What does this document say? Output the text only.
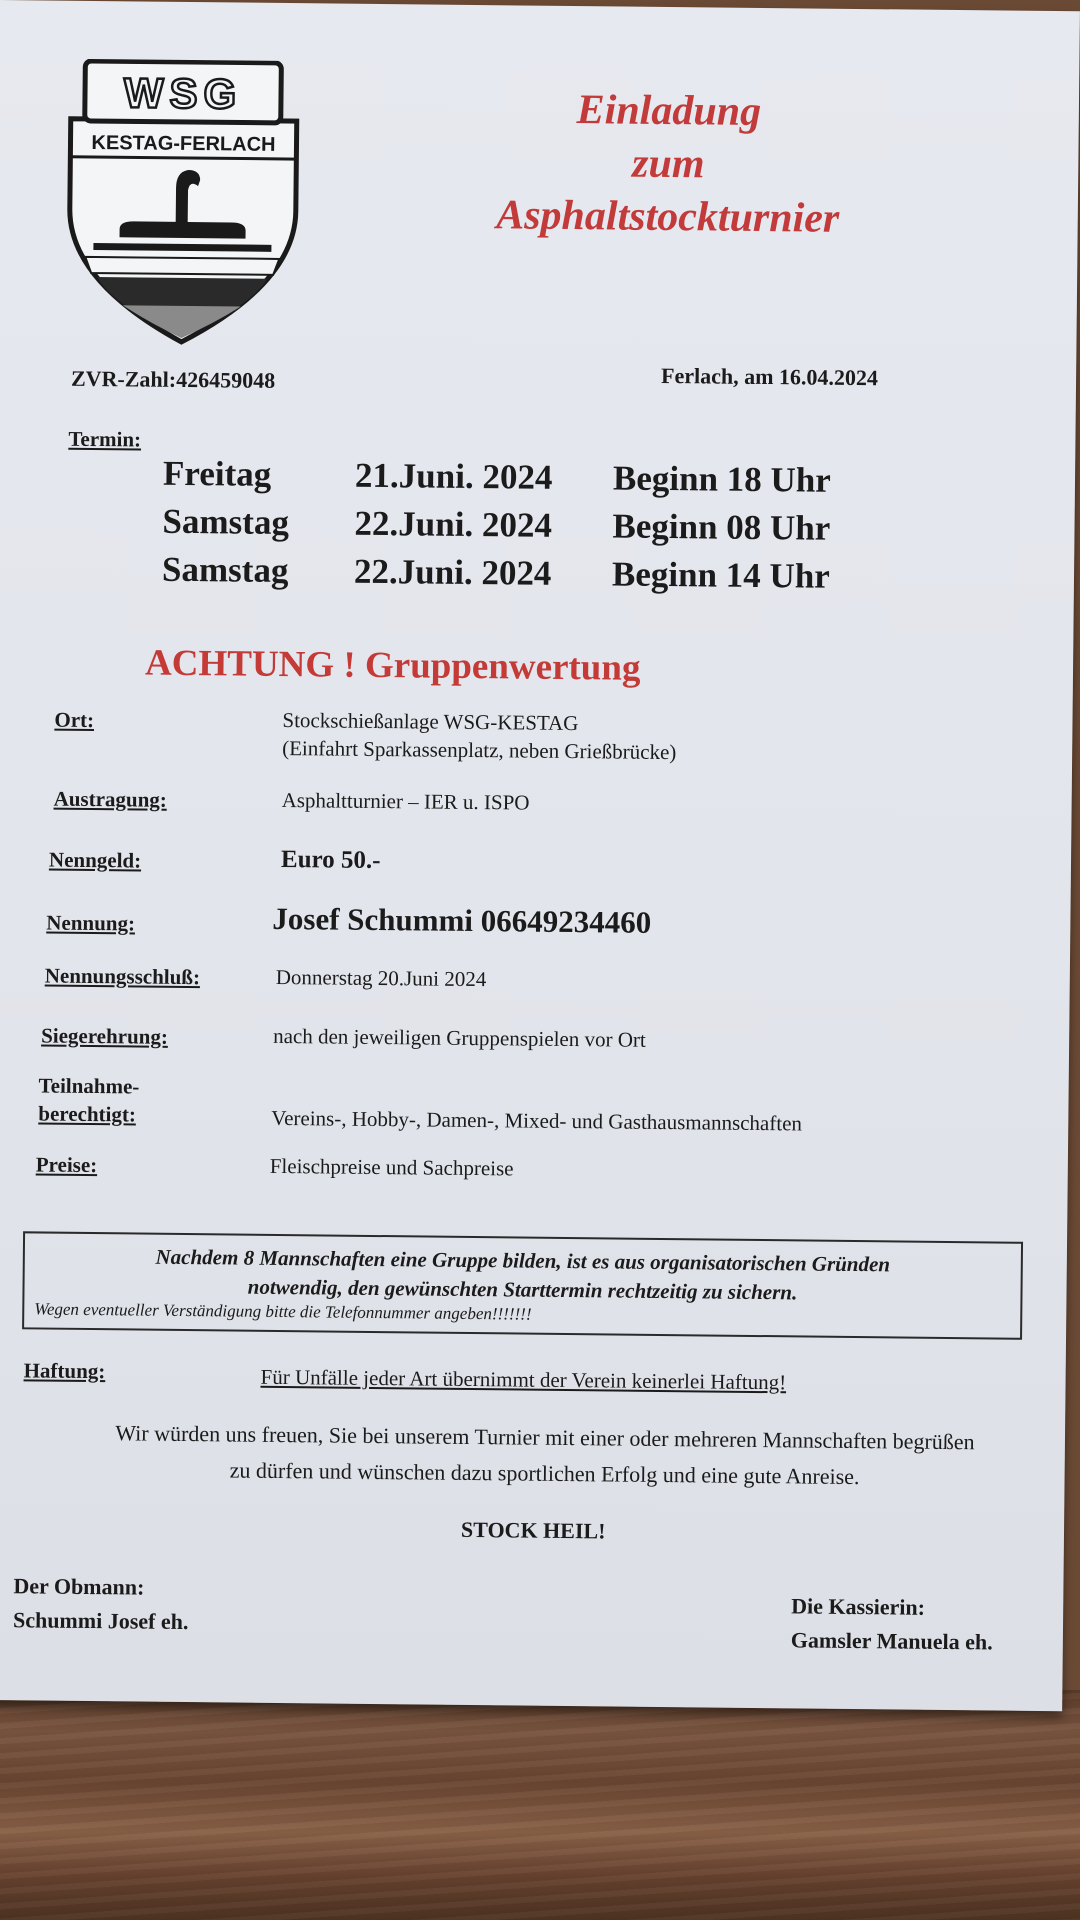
WSG
KESTAG-FERLACH
Einladung
zum
Asphaltstockturnier
ZVR-Zahl:426459048	Ferlach, am 16.04.2024
Termin:
Freitag 21.Juni. 2024 Beginn 18 Uhr
Samstag 22.Juni. 2024 Beginn 08 Uhr
Samstag 22.Juni. 2024 Beginn 14 Uhr
ACHTUNG ! Gruppenwertung
Ort:	Stockschießanlage WSG-KESTAG
(Einfahrt Sparkassenplatz, neben Grießbrücke)
Austragung:	Asphaltturnier – IER u. ISPO
Nenngeld:	Euro 50.-
Nennung:	Josef Schummi 06649234460
Nennungsschluß:	Donnerstag 20.Juni 2024
Siegerehrung:	nach den jeweiligen Gruppenspielen vor Ort
Teilnahme-
berechtigt:	Vereins-, Hobby-, Damen-, Mixed- und Gasthausmannschaften
Preise:	Fleischpreise und Sachpreise
Nachdem 8 Mannschaften eine Gruppe bilden, ist es aus organisatorischen Gründen
notwendig, den gewünschten Starttermin rechtzeitig zu sichern.
Wegen eventueller Verständigung bitte die Telefonnummer angeben!!!!!!!
Haftung:	Für Unfälle jeder Art übernimmt der Verein keinerlei Haftung!
Wir würden uns freuen, Sie bei unserem Turnier mit einer oder mehreren Mannschaften begrüßen
zu dürfen und wünschen dazu sportlichen Erfolg und eine gute Anreise.
STOCK HEIL!
Der Obmann:
Schummi Josef eh.
Die Kassierin:
Gamsler Manuela eh.
